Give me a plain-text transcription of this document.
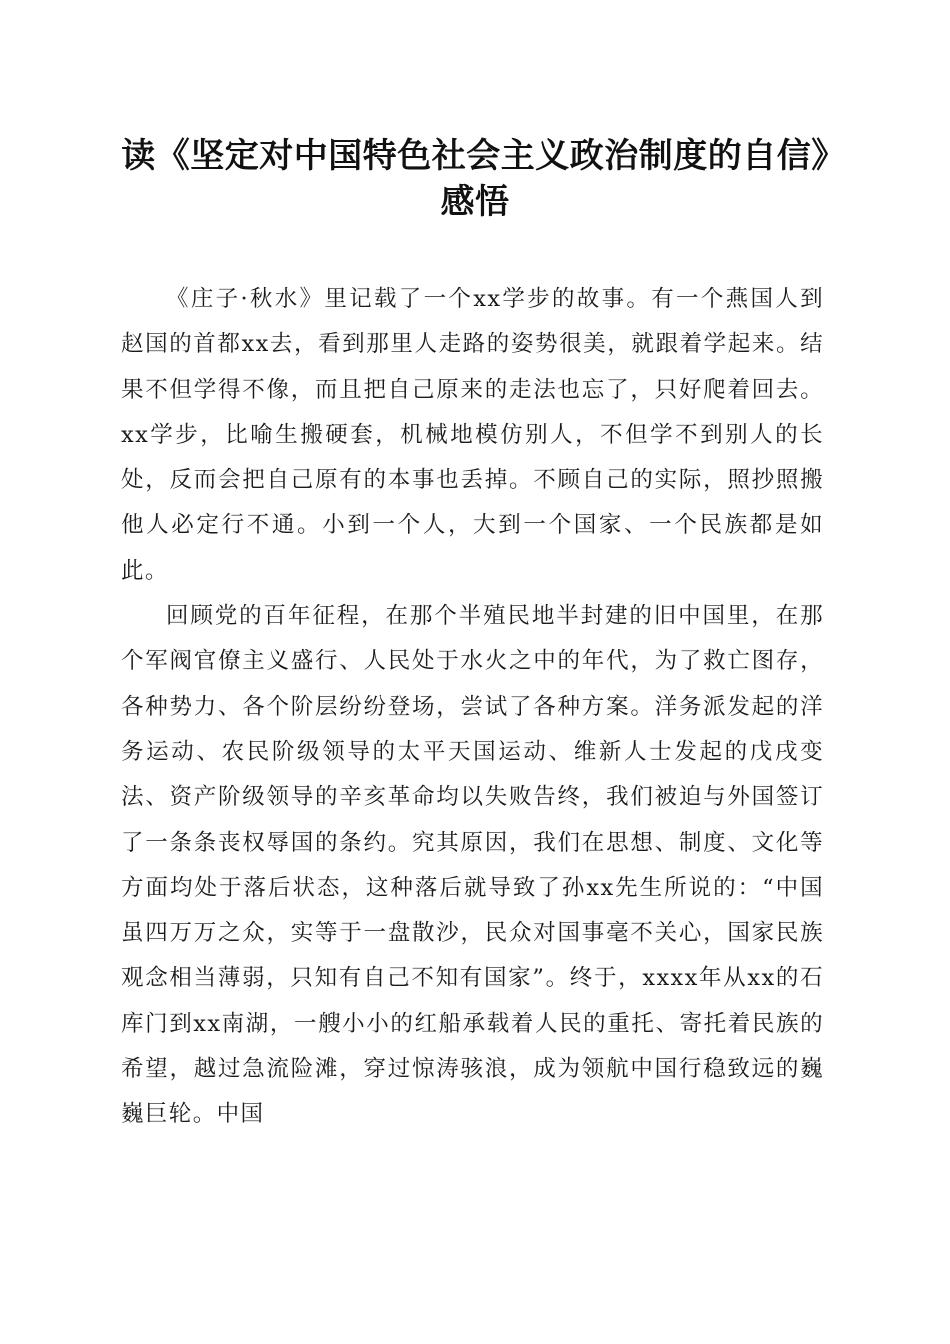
读《坚定对中国特色社会主义政治制度的自信》感悟

《庄子·秋水》里记载了一个xx学步的故事。有一个燕国人到赵国的首都xx去，看到那里人走路的姿势很美，就跟着学起来。结果不但学得不像，而且把自己原来的走法也忘了，只好爬着回去。xx学步，比喻生搬硬套，机械地模仿别人，不但学不到别人的长处，反而会把自己原有的本事也丢掉。不顾自己的实际，照抄照搬他人必定行不通。小到一个人，大到一个国家、一个民族都是如此。

回顾党的百年征程，在那个半殖民地半封建的旧中国里，在那个军阀官僚主义盛行、人民处于水火之中的年代，为了救亡图存，各种势力、各个阶层纷纷登场，尝试了各种方案。洋务派发起的洋务运动、农民阶级领导的太平天国运动、维新人士发起的戊戌变法、资产阶级领导的辛亥革命均以失败告终，我们被迫与外国签订了一条条丧权辱国的条约。究其原因，我们在思想、制度、文化等方面均处于落后状态，这种落后就导致了孙xx先生所说的：“中国虽四万万之众，实等于一盘散沙，民众对国事毫不关心，国家民族观念相当薄弱，只知有自己不知有国家”。终于，xxxx年从xx的石库门到xx南湖，一艘小小的红船承载着人民的重托、寄托着民族的希望，越过急流险滩，穿过惊涛骇浪，成为领航中国行稳致远的巍巍巨轮。中国
